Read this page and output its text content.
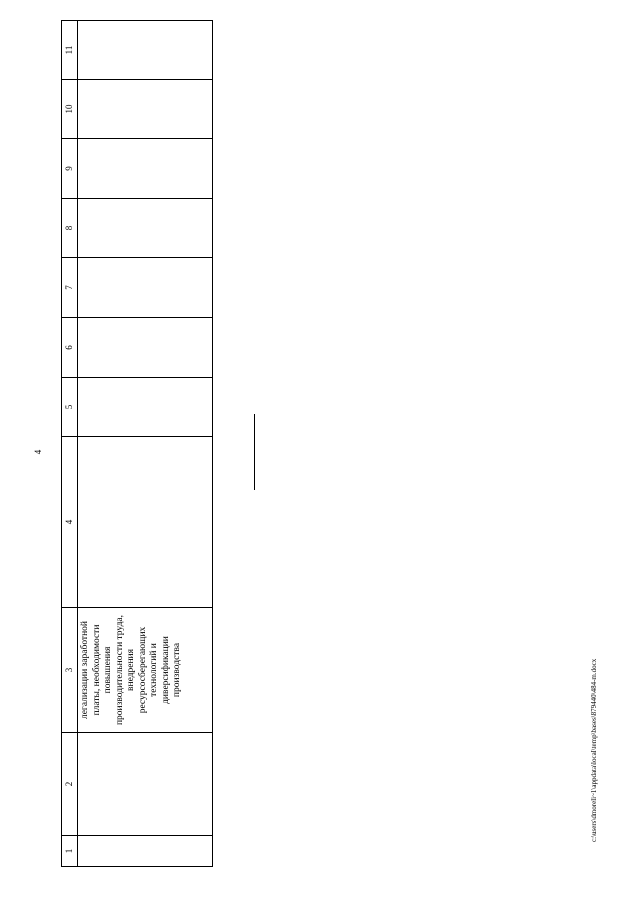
4
1	2	3	4	5	6	7	8	9	10	11
		легализации заработной платы, необходимости повышения производительности труда, внедрения ресурсосберегающих технологий и диверсификации производства									c:\users\dmoreli~1\appdata\local\temp\bases\879440\484-m.docx
